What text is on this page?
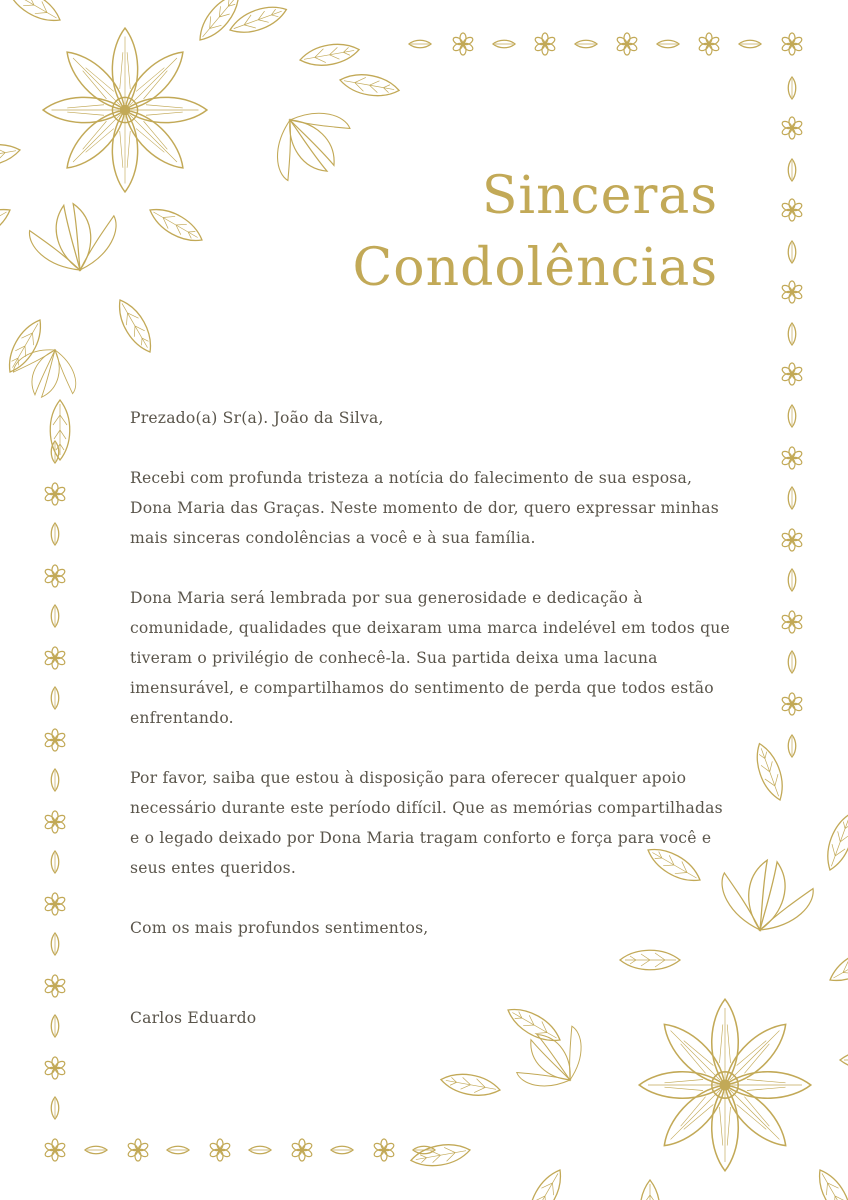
Sinceras
Condolências

Prezado(a) Sr(a). João da Silva,

Recebi com profunda tristeza a notícia do falecimento de sua esposa, Dona Maria das Graças. Neste momento de dor, quero expressar minhas mais sinceras condolências a você e à sua família.

Dona Maria será lembrada por sua generosidade e dedicação à comunidade, qualidades que deixaram uma marca indelével em todos que tiveram o privilégio de conhecê-la. Sua partida deixa uma lacuna imensurável, e compartilhamos do sentimento de perda que todos estão enfrentando.

Por favor, saiba que estou à disposição para oferecer qualquer apoio necessário durante este período difícil. Que as memórias compartilhadas e o legado deixado por Dona Maria tragam conforto e força para você e seus entes queridos.

Com os mais profundos sentimentos,

Carlos Eduardo
